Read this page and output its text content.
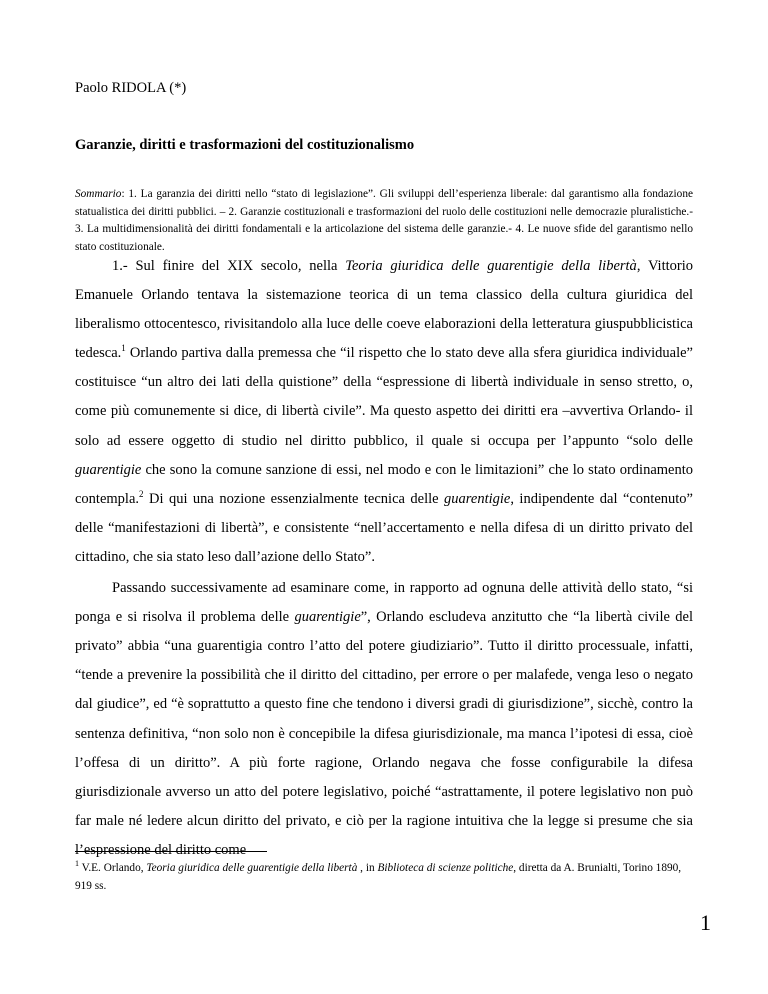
Paolo RIDOLA (*)
Garanzie, diritti e trasformazioni del costituzionalismo
Sommario: 1. La garanzia dei diritti nello “stato di legislazione”. Gli sviluppi dell’esperienza liberale: dal garantismo alla fondazione statualistica dei diritti pubblici. – 2. Garanzie costituzionali e trasformazioni del ruolo delle costituzioni nelle democrazie pluralistiche.- 3. La multidimensionalità dei diritti fondamentali e la articolazione del sistema delle garanzie.- 4. Le nuove sfide del garantismo nello stato costituzionale.

1.- Sul finire del XIX secolo, nella Teoria giuridica delle guarentigie della libertà, Vittorio Emanuele Orlando tentava la sistemazione teorica di un tema classico della cultura giuridica del liberalismo ottocentesco, rivisitandolo alla luce delle coeve elaborazioni della letteratura giuspubblicistica tedesca.$^1$ Orlando partiva dalla premessa che “il rispetto che lo stato deve alla sfera giuridica individuale” costituisce “un altro dei lati della quistione” della “espressione di libertà individuale in senso stretto, o, come più comunemente si dice, di libertà civile”. Ma questo aspetto dei diritti era –avvertiva Orlando- il solo ad essere oggetto di studio nel diritto pubblico, il quale si occupa per l’appunto “solo delle guarentigie che sono la comune sanzione di essi, nel modo e con le limitazioni” che lo stato ordinamento contempla.$^2$ Di qui una nozione essenzialmente tecnica delle guarentigie, indipendente dal “contenuto” delle “manifestazioni di libertà”, e consistente “nell’accertamento e nella difesa di un diritto privato del cittadino, che sia stato leso dall’azione dello Stato”.

Passando successivamente ad esaminare come, in rapporto ad ognuna delle attività dello stato, “si ponga e si risolva il problema delle guarentigie”, Orlando escludeva anzitutto che “la libertà civile del privato” abbia “una guarentigia contro l’atto del potere giudiziario”. Tutto il diritto processuale, infatti, “tende a prevenire la possibilità che il diritto del cittadino, per errore o per malafede, venga leso o negato dal giudice”, ed “è soprattutto a questo fine che tendono i diversi gradi di giurisdizione”, sicchè, contro la sentenza definitiva, “non solo non è concepibile la difesa giurisdizionale, ma manca l’ipotesi di essa, cioè l’offesa di un diritto”. A più forte ragione, Orlando negava che fosse configurabile la difesa giurisdizionale avverso un atto del potere legislativo, poiché “astrattamente, il potere legislativo non può far male né ledere alcun diritto del privato, e ciò per la ragione intuitiva che la legge si presume che sia l’espressione del diritto come

$^1$ V.E. Orlando, Teoria giuridica delle guarentigie della libertà , in Biblioteca di scienze politiche, diretta da A. Brunialti, Torino 1890, 919 ss.
1
